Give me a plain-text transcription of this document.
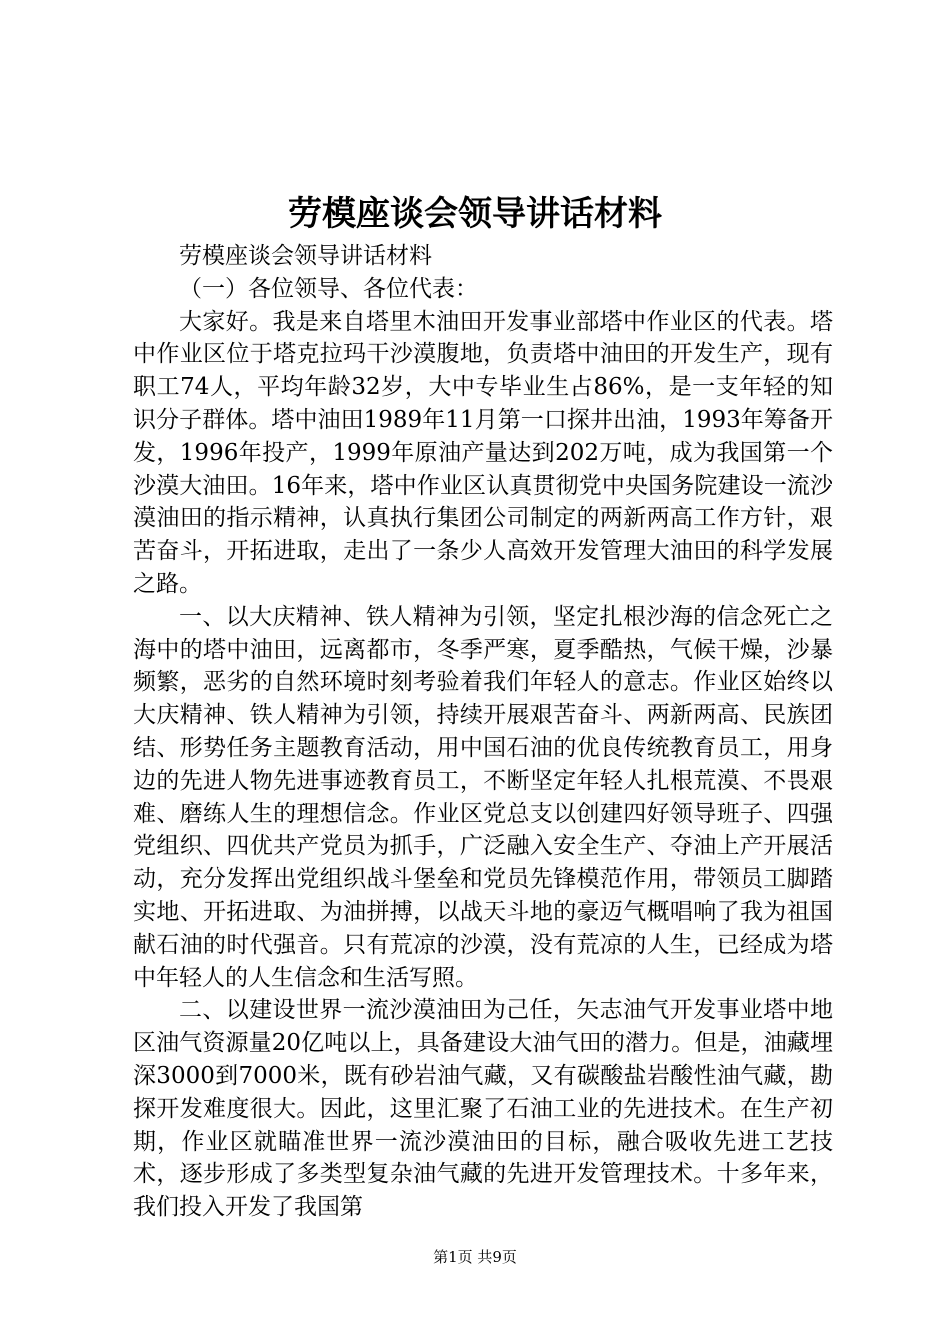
劳模座谈会领导讲话材料

劳模座谈会领导讲话材料

（一）各位领导、各位代表：

大家好。我是来自塔里木油田开发事业部塔中作业区的代表。塔中作业区位于塔克拉玛干沙漠腹地，负责塔中油田的开发生产，现有职工74人，平均年龄32岁，大中专毕业生占86%，是一支年轻的知识分子群体。塔中油田1989年11月第一口探井出油，1993年筹备开发，1996年投产，1999年原油产量达到202万吨，成为我国第一个沙漠大油田。16年来，塔中作业区认真贯彻党中央国务院建设一流沙漠油田的指示精神，认真执行集团公司制定的两新两高工作方针，艰苦奋斗，开拓进取，走出了一条少人高效开发管理大油田的科学发展之路。

一、以大庆精神、铁人精神为引领，坚定扎根沙海的信念死亡之海中的塔中油田，远离都市，冬季严寒，夏季酷热，气候干燥，沙暴频繁，恶劣的自然环境时刻考验着我们年轻人的意志。作业区始终以大庆精神、铁人精神为引领，持续开展艰苦奋斗、两新两高、民族团结、形势任务主题教育活动，用中国石油的优良传统教育员工，用身边的先进人物先进事迹教育员工，不断坚定年轻人扎根荒漠、不畏艰难、磨练人生的理想信念。作业区党总支以创建四好领导班子、四强党组织、四优共产党员为抓手，广泛融入安全生产、夺油上产开展活动，充分发挥出党组织战斗堡垒和党员先锋模范作用，带领员工脚踏实地、开拓进取、为油拼搏，以战天斗地的豪迈气概唱响了我为祖国献石油的时代强音。只有荒凉的沙漠，没有荒凉的人生，已经成为塔中年轻人的人生信念和生活写照。

二、以建设世界一流沙漠油田为己任，矢志油气开发事业塔中地区油气资源量20亿吨以上，具备建设大油气田的潜力。但是，油藏埋深3000到7000米，既有砂岩油气藏，又有碳酸盐岩酸性油气藏，勘探开发难度很大。因此，这里汇聚了石油工业的先进技术。在生产初期，作业区就瞄准世界一流沙漠油田的目标，融合吸收先进工艺技术，逐步形成了多类型复杂油气藏的先进开发管理技术。十多年来，我们投入开发了我国第

第1页 共9页
